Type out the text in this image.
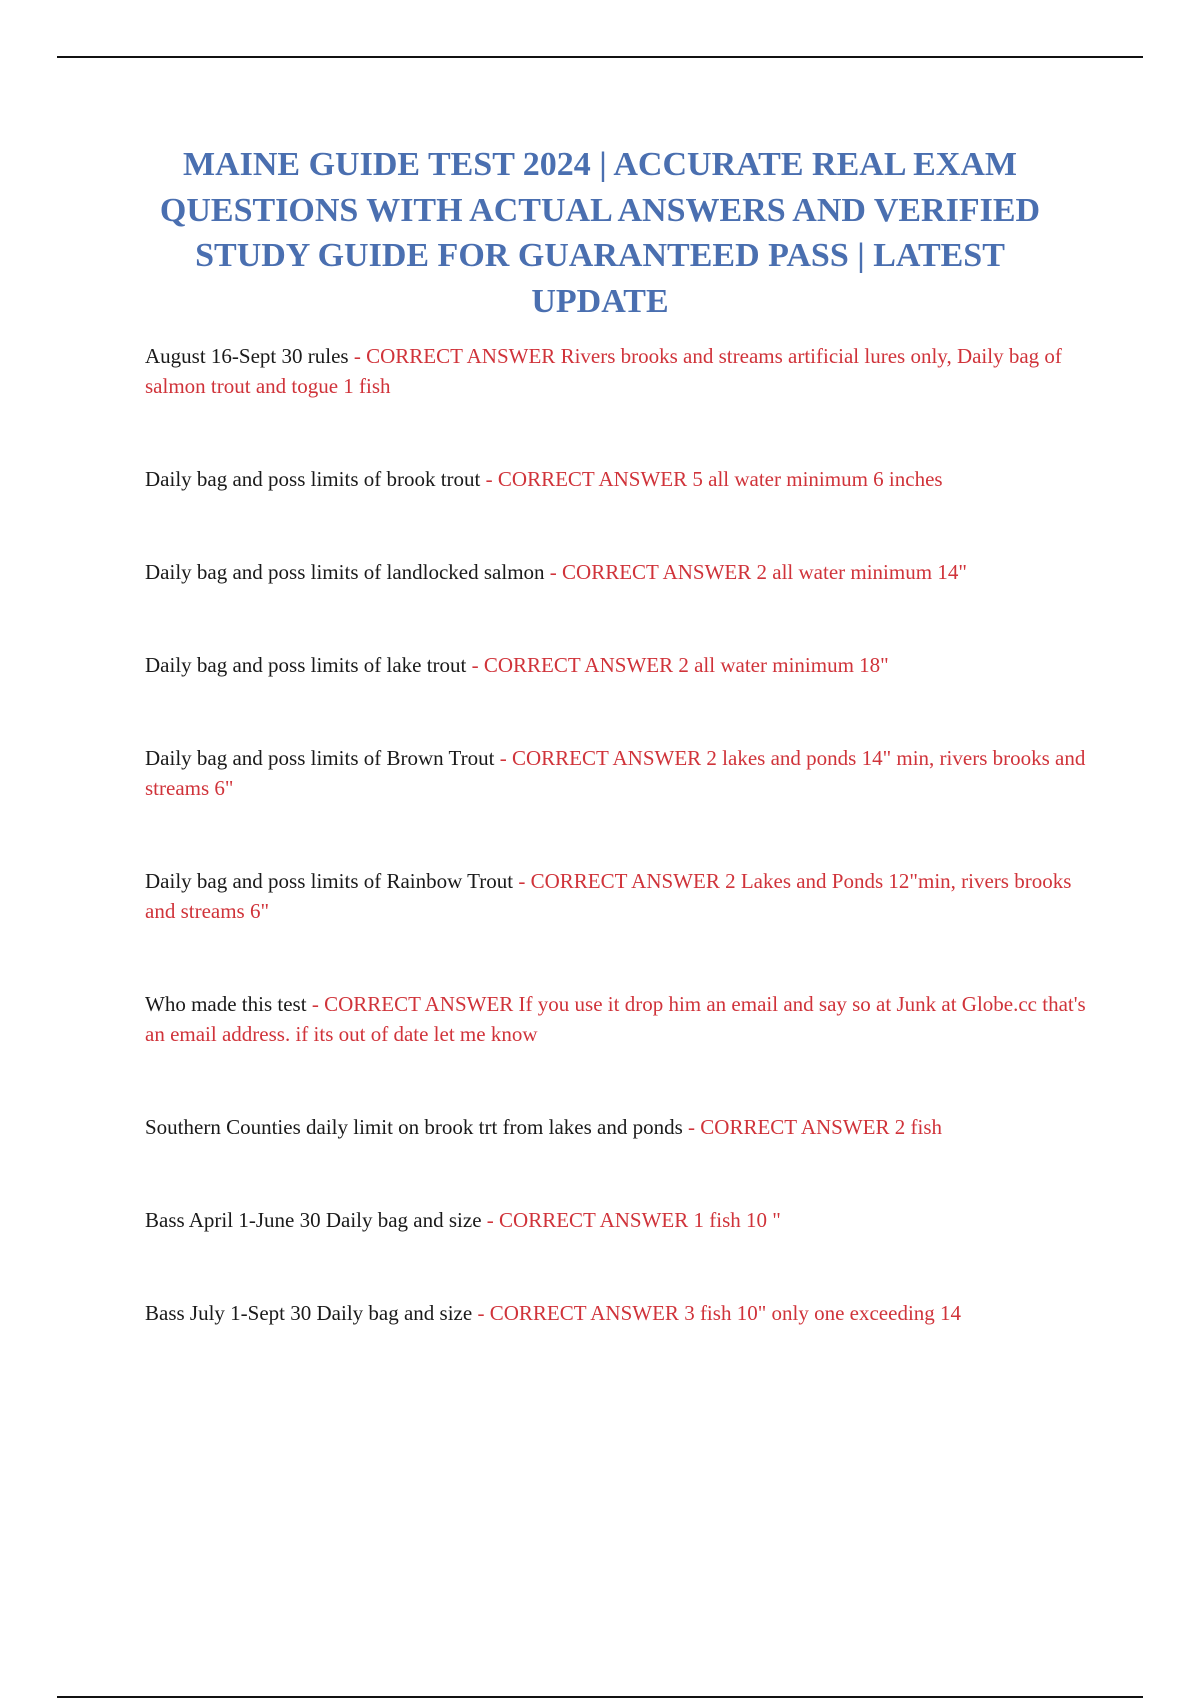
MAINE GUIDE TEST 2024 | ACCURATE REAL EXAM QUESTIONS WITH ACTUAL ANSWERS AND VERIFIED STUDY GUIDE FOR GUARANTEED PASS | LATEST UPDATE
August 16-Sept 30 rules - CORRECT ANSWER Rivers brooks and streams artificial lures only, Daily bag of salmon trout and togue 1 fish
Daily bag and poss limits of brook trout - CORRECT ANSWER 5 all water minimum 6 inches
Daily bag and poss limits of landlocked salmon - CORRECT ANSWER 2 all water minimum 14"
Daily bag and poss limits of lake trout - CORRECT ANSWER 2 all water minimum 18"
Daily bag and poss limits of Brown Trout - CORRECT ANSWER 2 lakes and ponds 14" min, rivers brooks and streams 6"
Daily bag and poss limits of Rainbow Trout - CORRECT ANSWER 2 Lakes and Ponds 12"min, rivers brooks and streams 6"
Who made this test - CORRECT ANSWER If you use it drop him an email and say so at Junk at Globe.cc that's an email address. if its out of date let me know
Southern Counties daily limit on brook trt from lakes and ponds - CORRECT ANSWER 2 fish
Bass April 1-June 30 Daily bag and size - CORRECT ANSWER 1 fish 10 "
Bass July 1-Sept 30 Daily bag and size - CORRECT ANSWER 3 fish 10" only one exceeding 14
